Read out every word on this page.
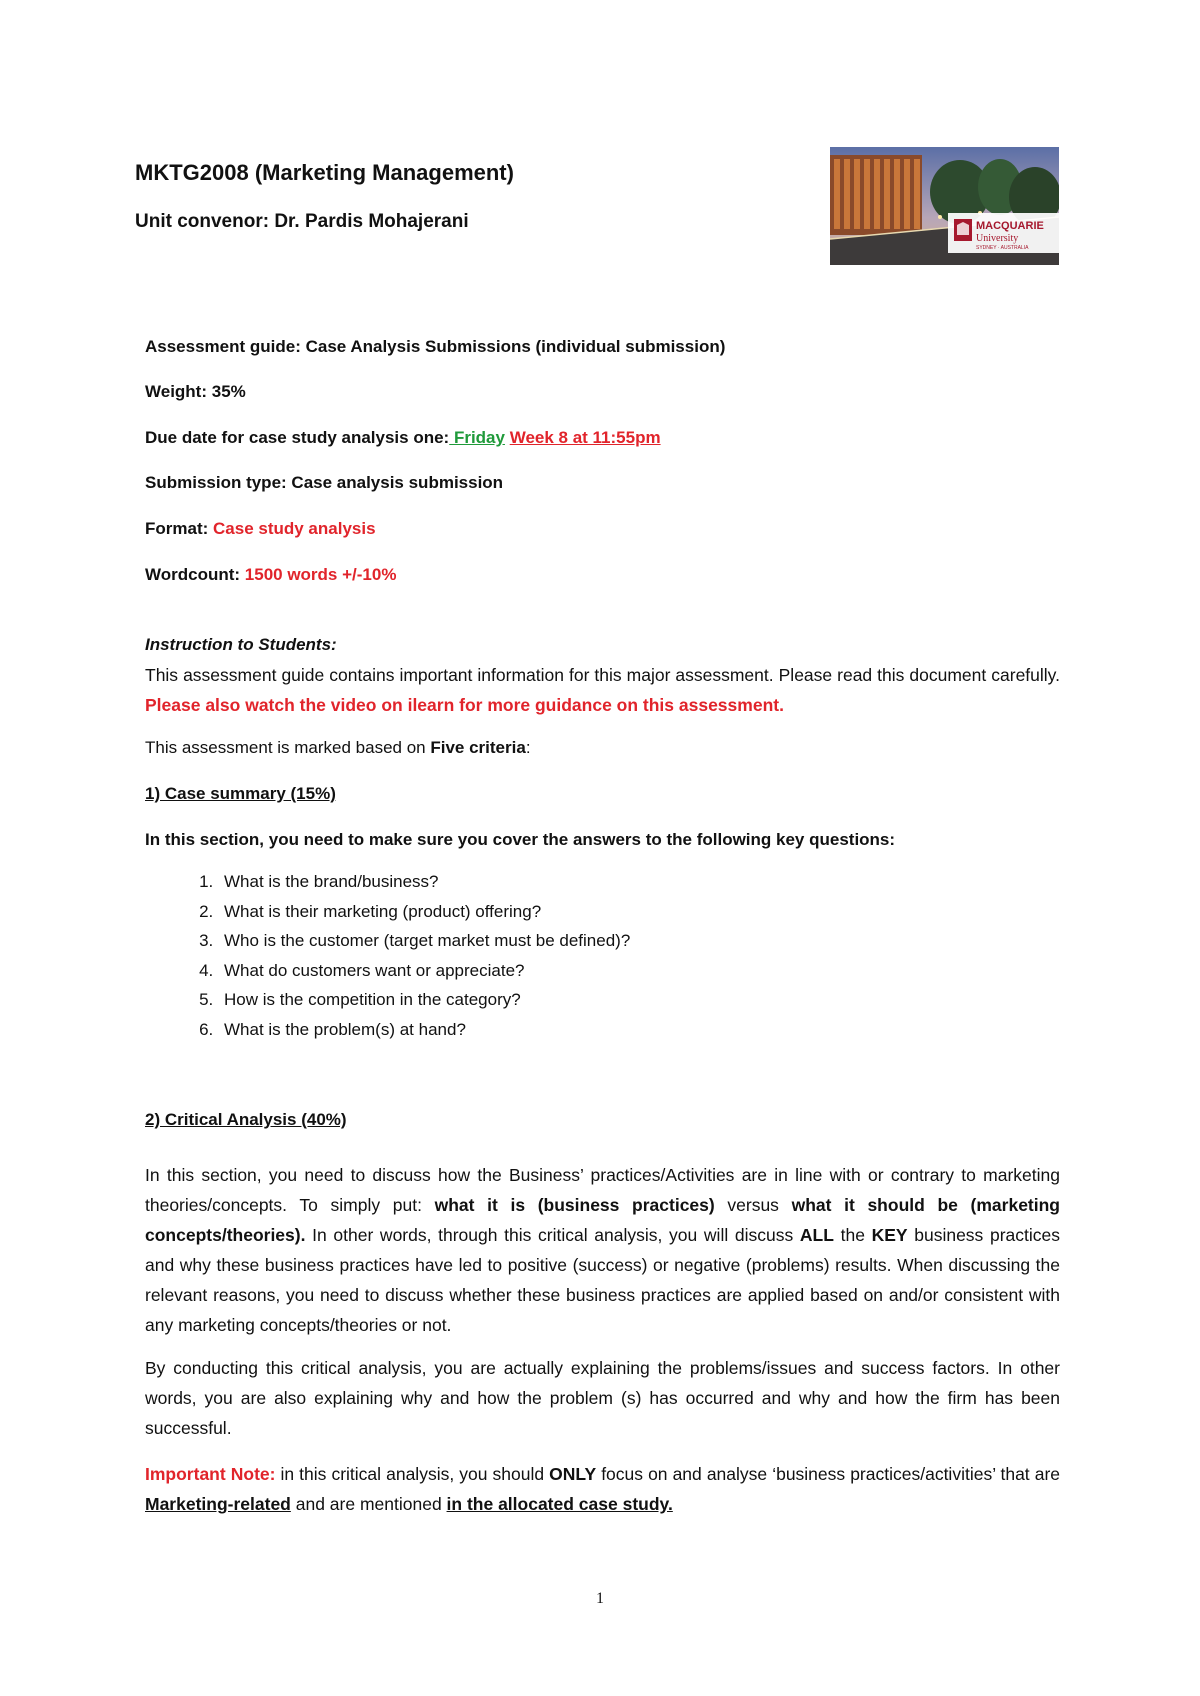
MKTG2008 (Marketing Management)
Unit convenor: Dr. Pardis Mohajerani	MACQUARIE
University
SYDNEY · AUSTRALIA
Assessment guide: Case Analysis Submissions (individual submission)
Weight: 35%
Due date for case study analysis one: Friday Week 8 at 11:55pm
Submission type: Case analysis submission
Format: Case study analysis
Wordcount: 1500 words +/-10%
Instruction to Students:
This assessment guide contains important information for this major assessment. Please read this document carefully. Please also watch the video on ilearn for more guidance on this assessment.
This assessment is marked based on Five criteria:
1) Case summary (15%)
In this section, you need to make sure you cover the answers to the following key questions:
1. What is the brand/business?
2. What is their marketing (product) offering?
3. Who is the customer (target market must be defined)?
4. What do customers want or appreciate?
5. How is the competition in the category?
6. What is the problem(s) at hand?
2) Critical Analysis (40%)
In this section, you need to discuss how the Business’ practices/Activities are in line with or contrary to marketing theories/concepts. To simply put: what it is (business practices) versus what it should be (marketing concepts/theories). In other words, through this critical analysis, you will discuss ALL the KEY business practices and why these business practices have led to positive (success) or negative (problems) results. When discussing the relevant reasons, you need to discuss whether these business practices are applied based on and/or consistent with any marketing concepts/theories or not.
By conducting this critical analysis, you are actually explaining the problems/issues and success factors. In other words, you are also explaining why and how the problem (s) has occurred and why and how the firm has been successful.
Important Note: in this critical analysis, you should ONLY focus on and analyse ‘business practices/activities’ that are Marketing-related and are mentioned in the allocated case study.
1
